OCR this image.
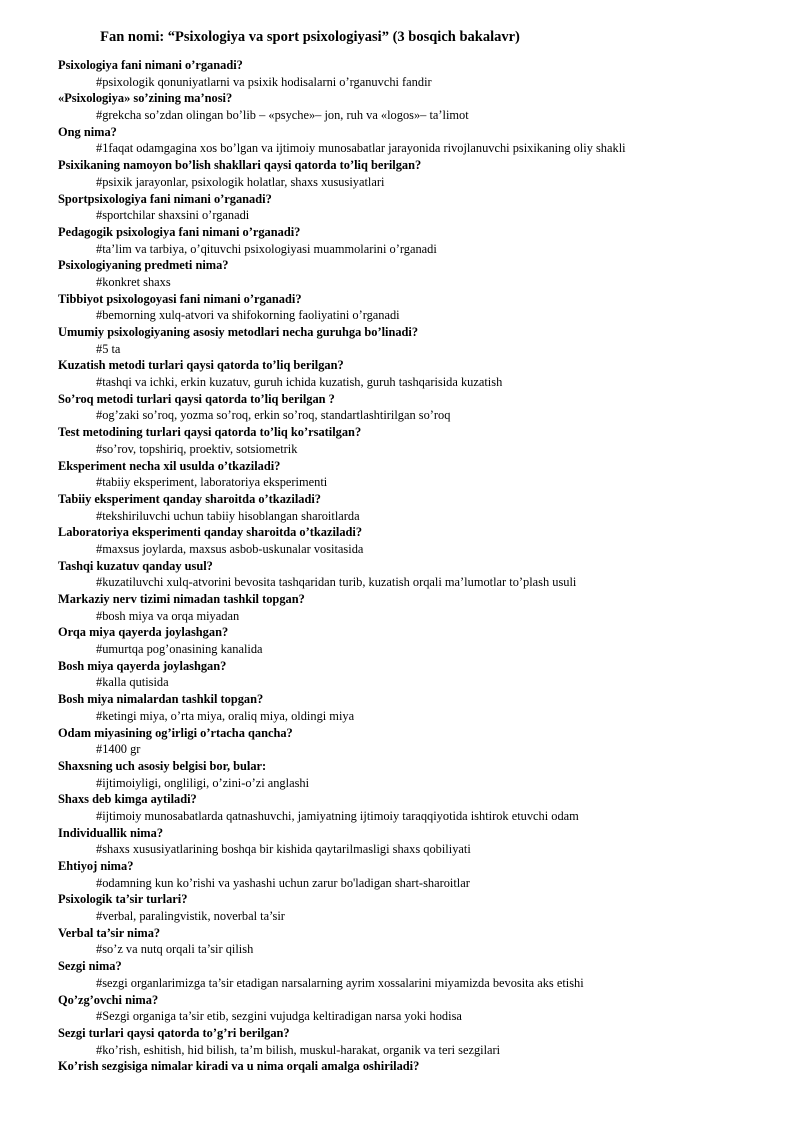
Fan nomi: “Psixologiya va sport psixologiyasi” (3 bosqich bakalavr)
Psixologiya fani nimani o’rganadi?
#psixologik qonuniyatlarni va psixik hodisalarni o’rganuvchi fandir
«Psixologiya» so’zining ma’nosi?
#grekcha so’zdan olingan bo’lib – «psyche»– jon, ruh va «logos»– ta’limot
Ong nima?
#1faqat odamgagina xos bo’lgan va ijtimoiy munosabatlar jarayonida rivojlanuvchi psixikaning oliy shakli
Psixikaning namoyon bo’lish shakllari qaysi qatorda to’liq berilgan?
#psixik jarayonlar, psixologik holatlar, shaxs xususiyatlari
Sportpsixologiya fani nimani o’rganadi?
#sportchilar shaxsini o’rganadi
Pedagogik psixologiya fani nimani o’rganadi?
#ta’lim va tarbiya, o’qituvchi psixologiyasi muammolarini o’rganadi
Psixologiyaning predmeti nima?
#konkret shaxs
Tibbiyot psixologoyasi fani nimani o’rganadi?
#bemorning xulq-atvori va shifokorning faoliyatini o’rganadi
Umumiy psixologiyaning asosiy metodlari necha guruhga bo’linadi?
#5 ta
Kuzatish metodi turlari qaysi qatorda to’liq berilgan?
#tashqi va ichki, erkin kuzatuv, guruh ichida kuzatish, guruh tashqarisida kuzatish
So’roq metodi turlari qaysi qatorda to’liq berilgan ?
#og’zaki so’roq, yozma so’roq, erkin so’roq, standartlashtirilgan so’roq
Test metodining turlari qaysi qatorda to’liq ko’rsatilgan?
#so’rov, topshiriq, proektiv, sotsiometrik
Eksperiment necha xil usulda o’tkaziladi?
#tabiiy eksperiment, laboratoriya eksperimenti
Tabiiy eksperiment qanday sharoitda o’tkaziladi?
#tekshiriluvchi uchun tabiiy hisoblangan sharoitlarda
Laboratoriya eksperimenti qanday sharoitda o’tkaziladi?
#maxsus joylarda, maxsus asbob-uskunalar vositasida
Tashqi kuzatuv qanday usul?
#kuzatiluvchi xulq-atvorini bevosita tashqaridan turib, kuzatish orqali ma’lumotlar to’plash usuli
Markaziy nerv tizimi nimadan tashkil topgan?
#bosh miya va orqa miyadan
Orqa miya qayerda joylashgan?
#umurtqa pog’onasining kanalida
Bosh miya qayerda joylashgan?
#kalla qutisida
Bosh miya nimalardan tashkil topgan?
#ketingi miya, o’rta miya, oraliq miya, oldingi miya
Odam miyasining og’irligi o’rtacha qancha?
#1400 gr
Shaxsning uch asosiy belgisi bor, bular:
#ijtimoiyligi, ongliligi, o’zini-o’zi anglashi
Shaxs deb kimga aytiladi?
#ijtimoiy munosabatlarda qatnashuvchi, jamiyatning ijtimoiy taraqqiyotida ishtirok etuvchi odam
Individuallik nima?
#shaxs xususiyatlarining boshqa bir kishida qaytarilmasligi shaxs qobiliyati
Ehtiyoj nima?
#odamning kun ko’rishi va yashashi uchun zarur bo'ladigan shart-sharoitlar
Psixologik ta’sir turlari?
#verbal, paralingvistik, noverbal ta’sir
Verbal ta’sir nima?
#so’z va nutq orqali ta’sir qilish
Sezgi nima?
#sezgi organlarimizga ta’sir etadigan narsalarning ayrim xossalarini miyamizda bevosita aks etishi
Qo’zg’ovchi nima?
#Sezgi organiga ta’sir etib, sezgini vujudga keltiradigan narsa yoki hodisa
Sezgi turlari qaysi qatorda to’g’ri berilgan?
#ko’rish, eshitish, hid bilish, ta’m bilish, muskul-harakat, organik va teri sezgilari
Ko’rish sezgisiga nimalar kiradi va u nima orqali amalga oshiriladi?
